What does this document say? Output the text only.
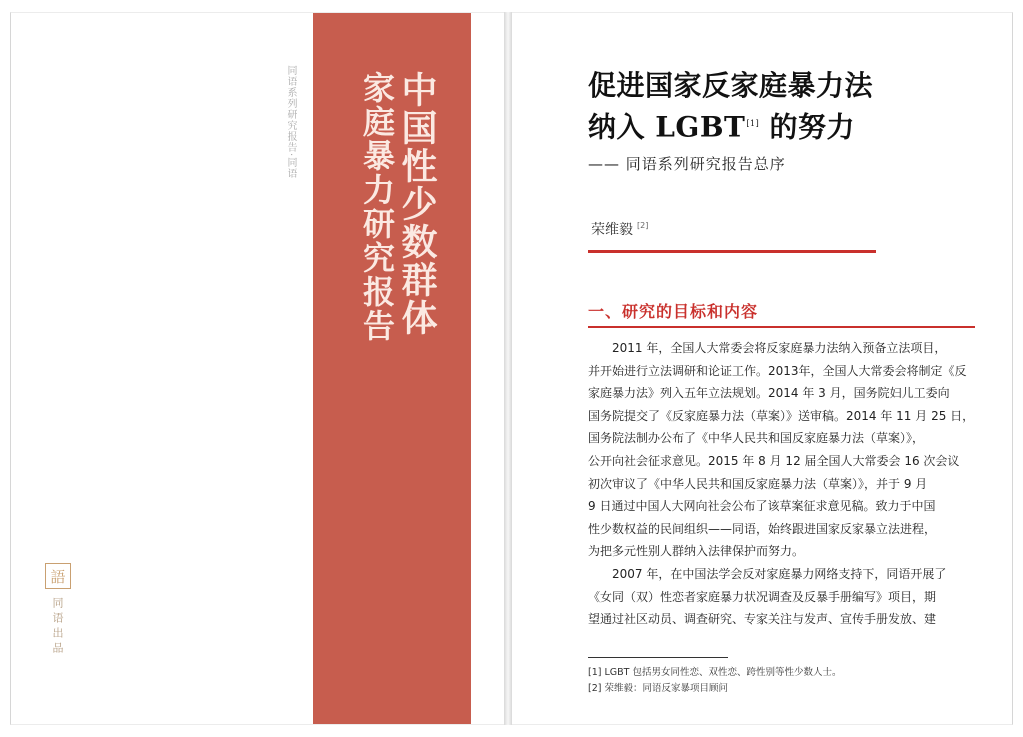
同语系列研究报告·同语	中国性少数群体
家庭暴力研究报告
語
同语出品
促进国家反家庭暴力法
纳入 LGBT[1] 的努力
—— 同语系列研究报告总序
荣维毅 [2]
一、研究的目标和内容
2011 年，全国人大常委会将反家庭暴力法纳入预备立法项目，
并开始进行立法调研和论证工作。2013年，全国人大常委会将制定《反
家庭暴力法》列入五年立法规划。2014 年 3 月，国务院妇儿工委向
国务院提交了《反家庭暴力法（草案）》送审稿。2014 年 11 月 25 日，
国务院法制办公布了《中华人民共和国反家庭暴力法（草案）》，
公开向社会征求意见。2015 年 8 月 12 届全国人大常委会 16 次会议
初次审议了《中华人民共和国反家庭暴力法（草案）》，并于 9 月
9 日通过中国人大网向社会公布了该草案征求意见稿。致力于中国
性少数权益的民间组织——同语，始终跟进国家反家暴立法进程，
为把多元性别人群纳入法律保护而努力。
2007 年，在中国法学会反对家庭暴力网络支持下，同语开展了
《女同（双）性恋者家庭暴力状况调查及反暴手册编写》项目，期
望通过社区动员、调查研究、专家关注与发声、宣传手册发放、建
[1] LGBT 包括男女同性恋、双性恋、跨性别等性少数人士。
[2] 荣维毅：同语反家暴项目顾问
